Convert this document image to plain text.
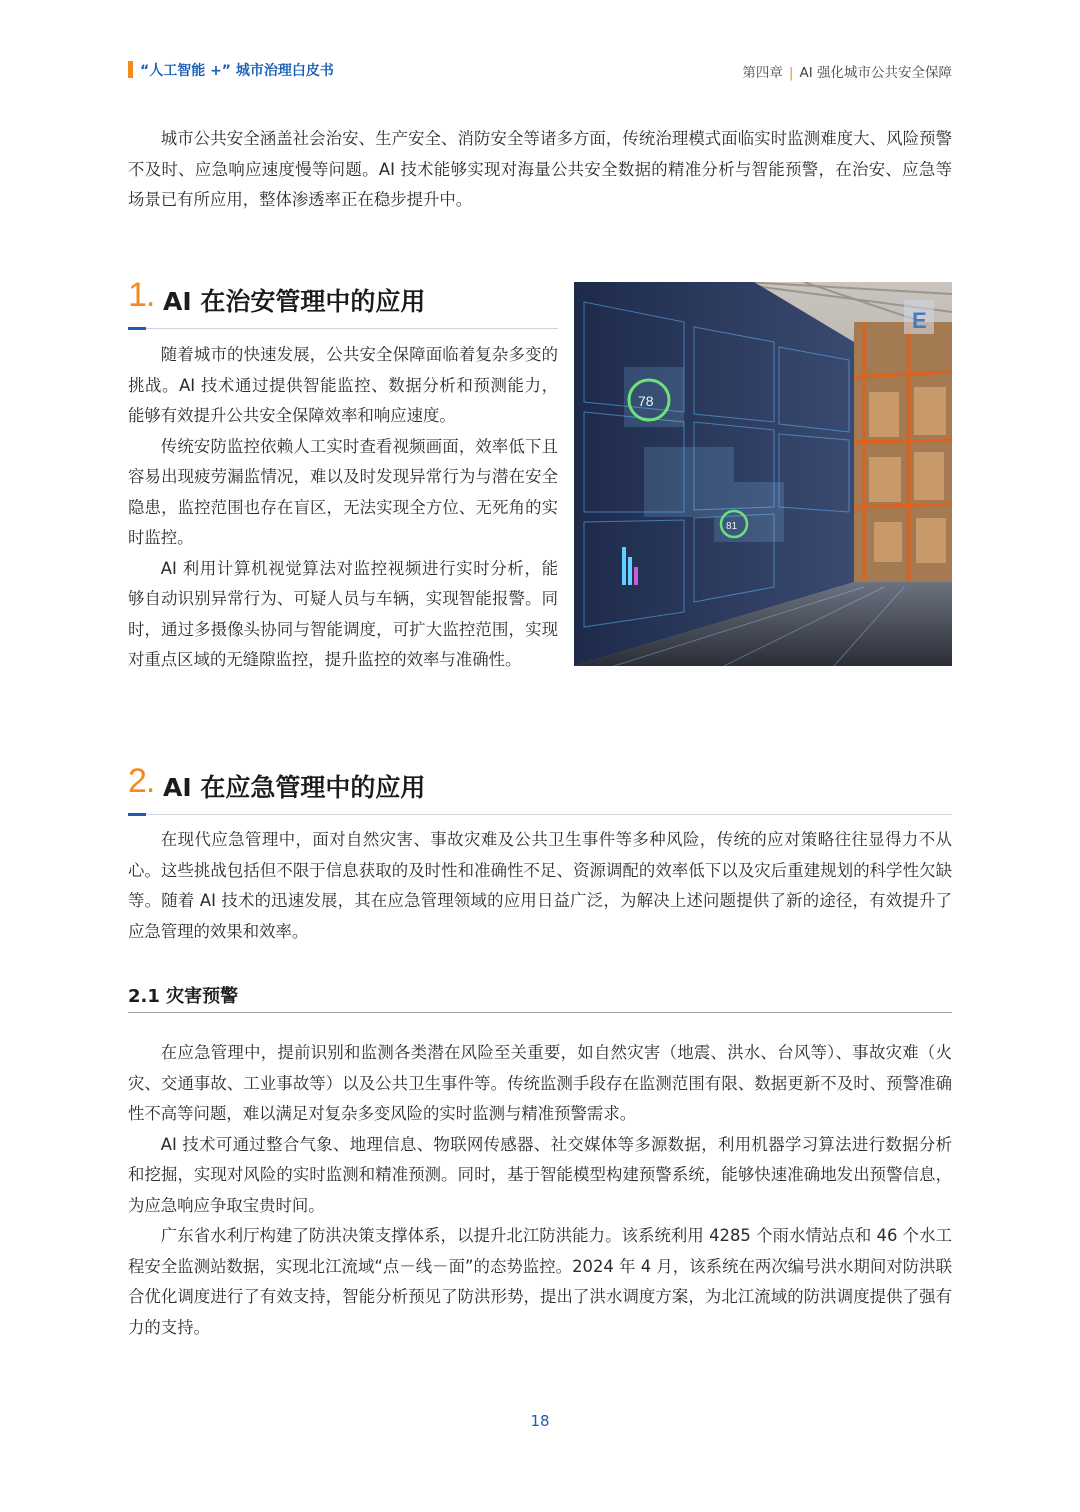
“人工智能 +” 城市治理白皮书	第四章 | AI 强化城市公共安全保障

城市公共安全涵盖社会治安、生产安全、消防安全等诸多方面，传统治理模式面临实时监测难度大、风险预警不及时、应急响应速度慢等问题。AI 技术能够实现对海量公共安全数据的精准分析与智能预警，在治安、应急等场景已有所应用，整体渗透率正在稳步提升中。

1. AI 在治安管理中的应用

随着城市的快速发展，公共安全保障面临着复杂多变的挑战。AI 技术通过提供智能监控、数据分析和预测能力，能够有效提升公共安全保障效率和响应速度。

传统安防监控依赖人工实时查看视频画面，效率低下且容易出现疲劳漏监情况，难以及时发现异常行为与潜在安全隐患，监控范围也存在盲区，无法实现全方位、无死角的实时监控。

AI 利用计算机视觉算法对监控视频进行实时分析，能够自动识别异常行为、可疑人员与车辆，实现智能报警。同时，通过多摄像头协同与智能调度，可扩大监控范围，实现对重点区域的无缝隙监控，提升监控的效率与准确性。

E
78
81
2. AI 在应急管理中的应用

在现代应急管理中，面对自然灾害、事故灾难及公共卫生事件等多种风险，传统的应对策略往往显得力不从心。这些挑战包括但不限于信息获取的及时性和准确性不足、资源调配的效率低下以及灾后重建规划的科学性欠缺等。随着 AI 技术的迅速发展，其在应急管理领域的应用日益广泛，为解决上述问题提供了新的途径，有效提升了应急管理的效果和效率。

2.1 灾害预警

在应急管理中，提前识别和监测各类潜在风险至关重要，如自然灾害（地震、洪水、台风等）、事故灾难（火灾、交通事故、工业事故等）以及公共卫生事件等。传统监测手段存在监测范围有限、数据更新不及时、预警准确性不高等问题，难以满足对复杂多变风险的实时监测与精准预警需求。

AI 技术可通过整合气象、地理信息、物联网传感器、社交媒体等多源数据，利用机器学习算法进行数据分析和挖掘，实现对风险的实时监测和精准预测。同时，基于智能模型构建预警系统，能够快速准确地发出预警信息，为应急响应争取宝贵时间。

广东省水利厅构建了防洪决策支撑体系，以提升北江防洪能力。该系统利用 4285 个雨水情站点和 46 个水工程安全监测站数据，实现北江流域“点－线－面”的态势监控。2024 年 4 月，该系统在两次编号洪水期间对防洪联合优化调度进行了有效支持，智能分析预见了防洪形势，提出了洪水调度方案，为北江流域的防洪调度提供了强有力的支持。

18
